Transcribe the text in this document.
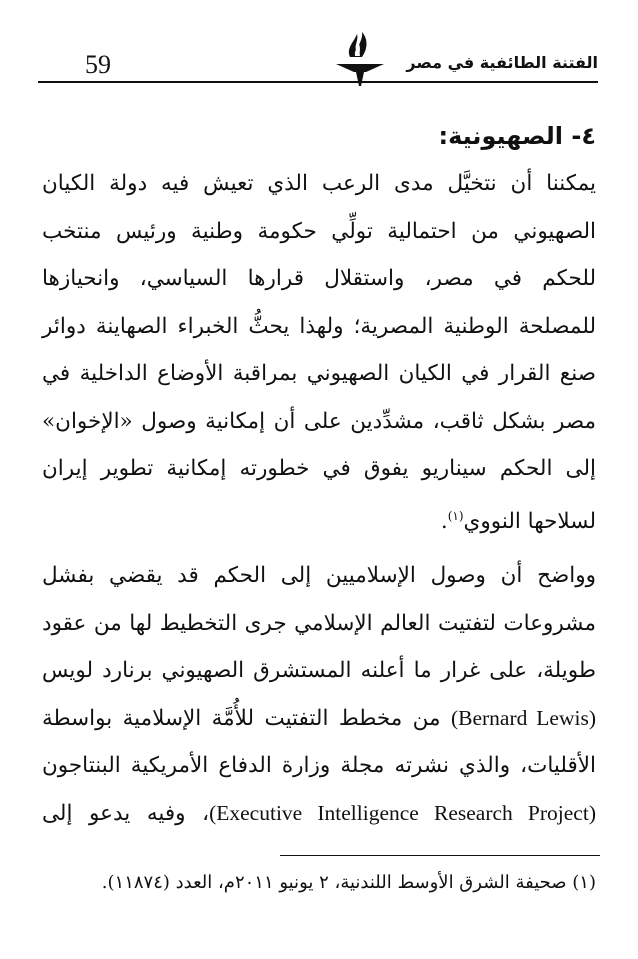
59	الفتنة الطائفية في مصر
٤- الصهيونية:
يمكننا أن نتخيَّل مدى الرعب الذي تعيش فيه دولة الكيان
الصهيوني من احتمالية تولِّي حكومة وطنية ورئيس منتخب
للحكم في مصر، واستقلال قرارها السياسي، وانحيازها
للمصلحة الوطنية المصرية؛ ولهذا يحثُّ الخبراء الصهاينة دوائر
صنع القرار في الكيان الصهيوني بمراقبة الأوضاع الداخلية في
مصر بشكل ثاقب، مشدِّدين على أن إمكانية وصول «الإخوان»
إلى الحكم سيناريو يفوق في خطورته إمكانية تطوير إيران
لسلاحها النووي$^{(١)}$.
وواضح أن وصول الإسلاميين إلى الحكم قد يقضي بفشل
مشروعات لتفتيت العالم الإسلامي جرى التخطيط لها من عقود
طويلة، على غرار ما أعلنه المستشرق الصهيوني برنارد لويس
(Bernard Lewis) من مخطط التفتيت للأُمَّة الإسلامية بواسطة
الأقليات، والذي نشرته مجلة وزارة الدفاع الأمريكية البنتاجون
(Executive Intelligence Research Project)، وفيه يدعو إلى
(١) صحيفة الشرق الأوسط اللندنية، ٢ يونيو ٢٠١١م، العدد (١١٨٧٤).
